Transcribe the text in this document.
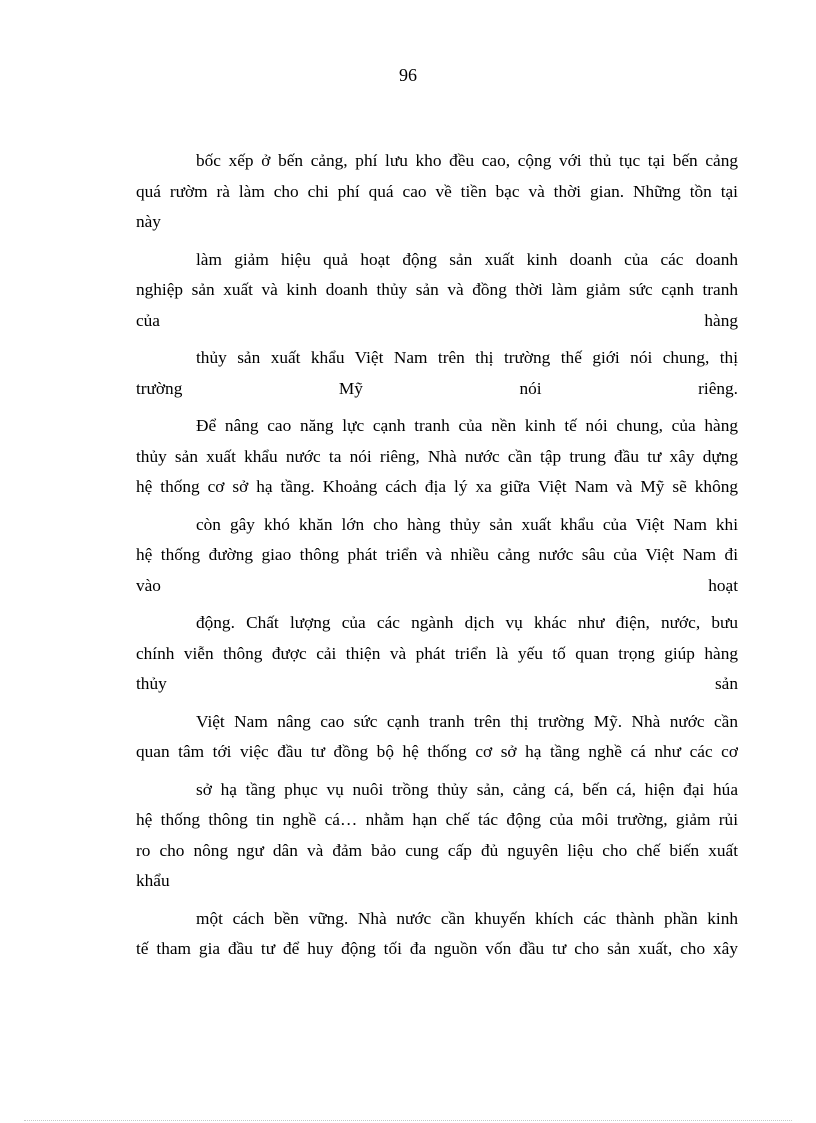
96
bốc xếp ở bến cảng, phí lưu kho đều cao, cộng với thủ tục tại bến cảng
quá rườm rà làm cho chi phí quá cao về tiền bạc và thời gian. Những tồn tại
này
làm giảm hiệu quả hoạt động sản xuất kinh doanh của các doanh
nghiệp sản xuất và kinh doanh thủy sản và đồng thời làm giảm sức cạnh tranh
của hàng
thủy sản xuất khẩu Việt Nam trên thị trường thế giới nói chung, thị
trường Mỹ nói riêng.
Để nâng cao năng lực cạnh tranh của nền kinh tế nói chung, của hàng
thủy sản xuất khẩu nước ta nói riêng, Nhà nước cần tập trung đầu tư xây dựng
hệ thống cơ sở hạ tầng. Khoảng cách địa lý xa giữa Việt Nam và Mỹ sẽ không
còn gây khó khăn lớn cho hàng thủy sản xuất khẩu của Việt Nam khi
hệ thống đường giao thông phát triển và nhiều cảng nước sâu của Việt Nam đi
vào hoạt
động. Chất lượng của các ngành dịch vụ khác như điện, nước, bưu
chính viễn thông được cải thiện và phát triển là yếu tố quan trọng giúp hàng
thủy sản
Việt Nam nâng cao sức cạnh tranh trên thị trường Mỹ. Nhà nước cần
quan tâm tới việc đầu tư đồng bộ hệ thống cơ sở hạ tầng nghề cá như các cơ
sở hạ tầng phục vụ nuôi trồng thủy sản, cảng cá, bến cá, hiện đại húa
hệ thống thông tin nghề cá… nhằm hạn chế tác động của môi trường, giảm rủi
ro cho nông ngư dân và đảm bảo cung cấp đủ nguyên liệu cho chế biến xuất
khẩu
một cách bền vững. Nhà nước cần khuyến khích các thành phần kinh
tế tham gia đầu tư để huy động tối đa nguồn vốn đầu tư cho sản xuất, cho xây
